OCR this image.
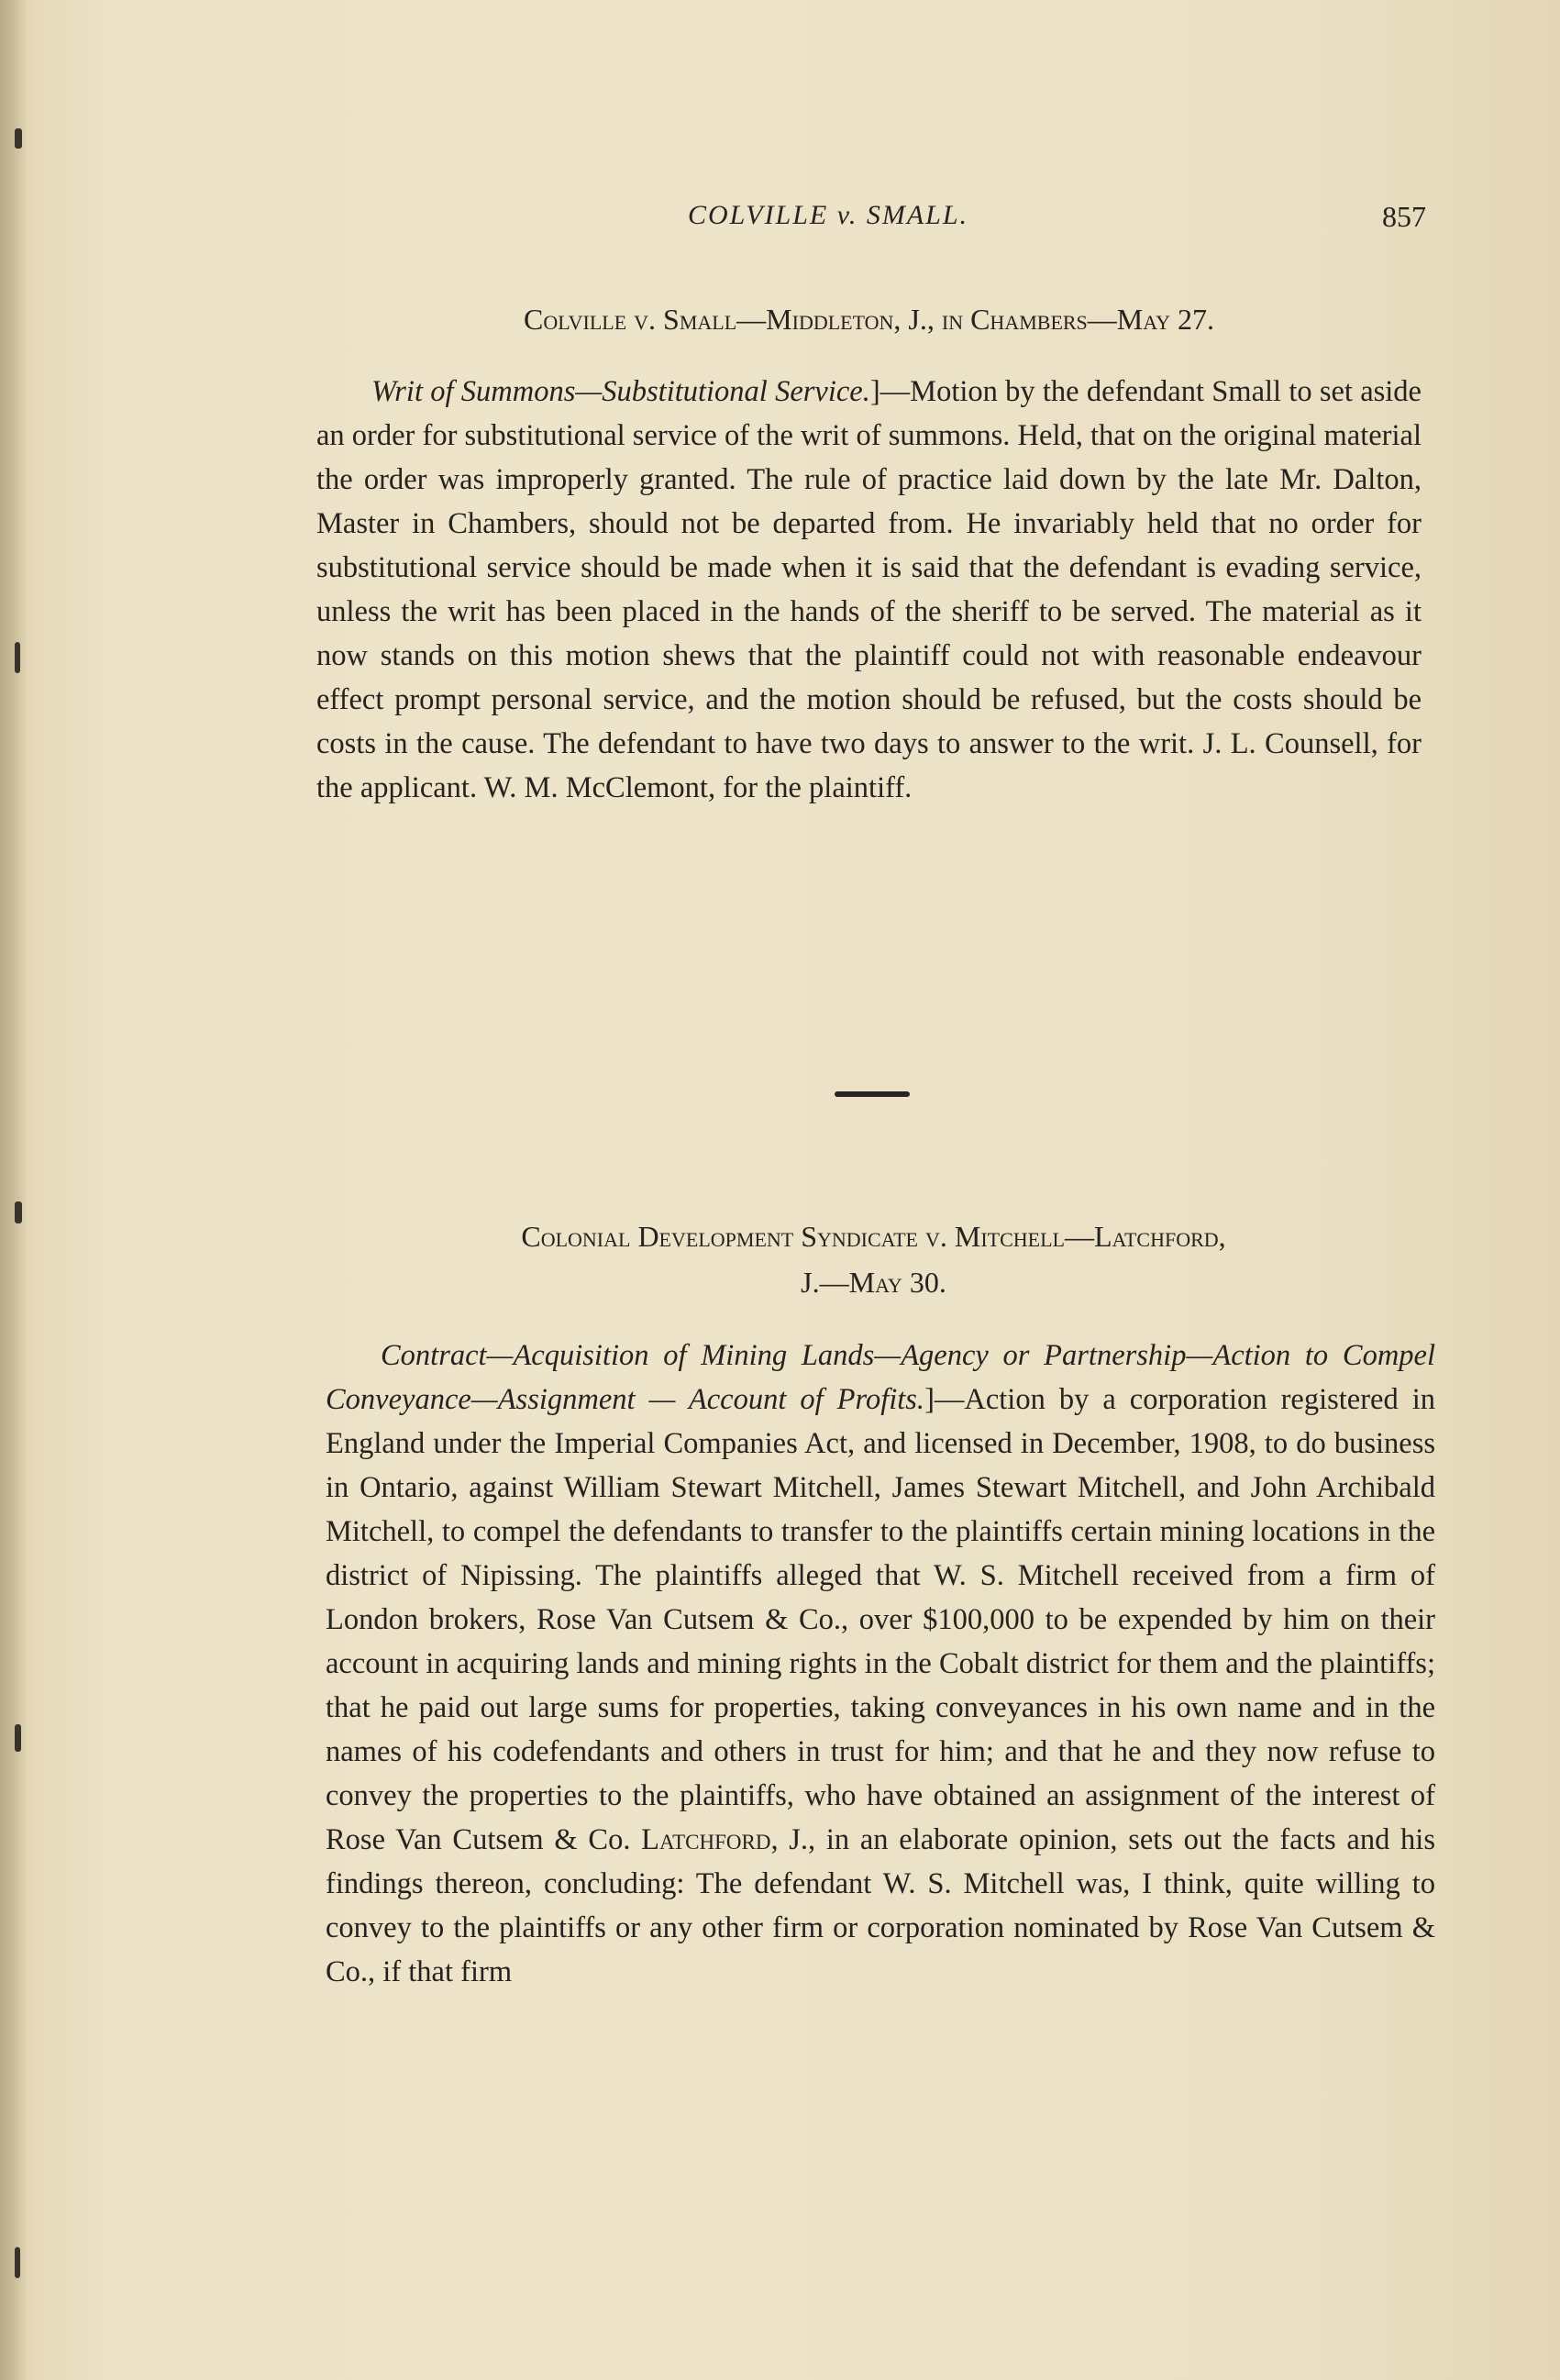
COLVILLE v. SMALL.	857
Colville v. Small—Middleton, J., in Chambers—May 27.

Writ of Summons—Substitutional Service.]—Motion by the defendant Small to set aside an order for substitutional service of the writ of summons. Held, that on the original material the order was improperly granted. The rule of practice laid down by the late Mr. Dalton, Master in Chambers, should not be departed from. He invariably held that no order for substitutional service should be made when it is said that the defendant is evading service, unless the writ has been placed in the hands of the sheriff to be served. The material as it now stands on this motion shews that the plaintiff could not with reasonable endeavour effect prompt personal service, and the motion should be refused, but the costs should be costs in the cause. The defendant to have two days to answer to the writ. J. L. Counsell, for the applicant. W. M. McClemont, for the plaintiff.

Colonial Development Syndicate v. Mitchell—Latchford,
J.—May 30.

Contract—Acquisition of Mining Lands—Agency or Partnership—Action to Compel Conveyance—Assignment — Account of Profits.]—Action by a corporation registered in England under the Imperial Companies Act, and licensed in December, 1908, to do business in Ontario, against William Stewart Mitchell, James Stewart Mitchell, and John Archibald Mitchell, to compel the defendants to transfer to the plaintiffs certain mining locations in the district of Nipissing. The plaintiffs alleged that W. S. Mitchell received from a firm of London brokers, Rose Van Cutsem & Co., over $100,000 to be expended by him on their account in acquiring lands and mining rights in the Cobalt district for them and the plaintiffs; that he paid out large sums for properties, taking conveyances in his own name and in the names of his codefendants and others in trust for him; and that he and they now refuse to convey the properties to the plaintiffs, who have obtained an assignment of the interest of Rose Van Cutsem & Co. Latchford, J., in an elaborate opinion, sets out the facts and his findings thereon, concluding: The defendant W. S. Mitchell was, I think, quite willing to convey to the plaintiffs or any other firm or corporation nominated by Rose Van Cutsem & Co., if that firm
